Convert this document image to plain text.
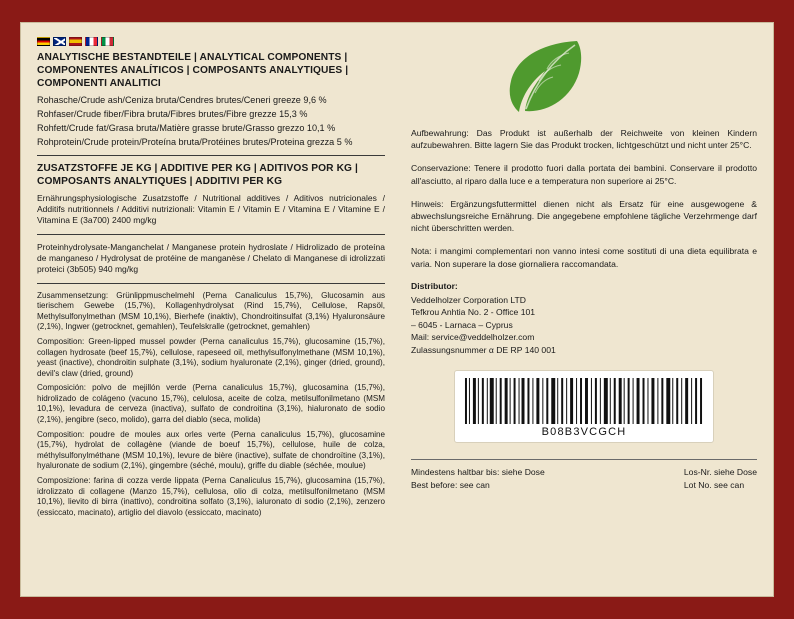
ANALYTISCHE BESTANDTEILE | ANALYTICAL COMPONENTS | COMPONENTES ANALÍTICOS | COMPOSANTS ANALYTIQUES | COMPONENTI ANALITICI

Rohasche/Crude ash/Ceniza bruta/Cendres brutes/Ceneri greeze 9,6 %

Rohfaser/Crude fiber/Fibra bruta/Fibres brutes/Fibre grezze 15,3 %

Rohfett/Crude fat/Grasa bruta/Matière grasse brute/Grasso grezzo 10,1 %

Rohprotein/Crude protein/Proteína bruta/Protéines brutes/Proteina grezza 5 %

ZUSATZSTOFFE JE KG | ADDITIVE PER KG | ADITIVOS POR KG | COMPOSANTS ANALYTIQUES | ADDITIVI PER KG

Ernährungsphysiologische Zusatzstoffe / Nutritional additives / Aditivos nutricionales / Additifs nutritionnels / Additivi nutrizionali: Vitamin E / Vitamin E / Vitamina E / Vitamine E / Vitamina E (3a700) 2400 mg/kg

Proteinhydrolysate-Manganchelat / Manganese protein hydroslate / Hidrolizado de proteína de manganeso / Hydrolysat de protéine de manganèse / Chelato di Manganese di idrolizzati proteici (3b505) 940 mg/kg

Zusammensetzung: Grünlippmuschelmehl (Perna Canaliculus 15,7%), Glucosamin aus tierischem Gewebe (15,7%), Kollagenhydrolysat (Rind 15,7%), Cellulose, Rapsöl, Methylsulfonylmethan (MSM 10,1%), Bierhefe (inaktiv), Chondroitinsulfat (3,1%) Hyaluronsäure (2,1%), Ingwer (getrocknet, gemahlen), Teufelskralle (getrocknet, gemahlen)

Composition: Green-lipped mussel powder (Perna canaliculus 15,7%), glucosamine (15,7%), collagen hydrosate (beef 15,7%), cellulose, rapeseed oil, methylsulfonylmethane (MSM 10,1%), yeast (inactive), chondroitin sulphate (3,1%), sodium hyaluronate (2,1%), ginger (dried, ground), devil's claw (dried, ground)

Composición: polvo de mejillón verde (Perna canaliculus 15,7%), glucosamina (15,7%), hidrolizado de colágeno (vacuno 15,7%), celulosa, aceite de colza, metilsulfonilmetano (MSM 10,1%), levadura de cerveza (inactiva), sulfato de condroitina (3,1%), hialuronato de sodio (2,1%), jengibre (seco, molido), garra del diablo (seca, molida)

Composition: poudre de moules aux orles verte (Perna canaliculus 15,7%), glucosamine (15,7%), hydrolat de collagène (viande de boeuf 15,7%), cellulose, huile de colza, méthylsulfonylméthane (MSM 10,1%), levure de bière (inactive), sulfate de chondroïtine (3,1%), hyaluronate de sodium (2,1%), gingembre (séché, moulu), griffe du diable (séchée, moulue)

Composizione: farina di cozza verde lippata (Perna Canaliculus 15,7%), glucosamina (15,7%), idrolizzato di collagene (Manzo 15,7%), cellulosa, olio di colza, metilsulfonilmetano (MSM 10,1%), lievito di birra (inattivo), condroitina solfato (3,1%), ialuronato di sodio (2,1%), zenzero (essiccato, macinato), artiglio del diavolo (essiccato, macinato)

Aufbewahrung: Das Produkt ist außerhalb der Reichweite von kleinen Kindern aufzubewahren. Bitte lagern Sie das Produkt trocken, lichtgeschützt und nicht unter 25°C.

Conservazione: Tenere il prodotto fuori dalla portata dei bambini. Conservare il prodotto all'asciutto, al riparo dalla luce e a temperatura non superiore ai 25°C.

Hinweis: Ergänzungsfuttermittel dienen nicht als Ersatz für eine ausgewogene & abwechslungsreiche Ernährung. Die angegebene empfohlene tägliche Verzehrmenge darf nicht überschritten werden.

Nota: i mangimi complementari non vanno intesi come sostituti di una dieta equilibrata e varia. Non superare la dose giornaliera raccomandata.

Distributor:

Veddelholzer Corporation LTD

Tefkrou Anhtia No. 2 - Office 101

– 6045 - Larnaca – Cyprus

Mail: service@veddelholzer.com

Zulassungsnummer α DE RP 140 001

B08B3VCGCH

Mindestens haltbar bis: siehe Dose

Best before: see can

Los-Nr. siehe Dose

Lot No. see can
